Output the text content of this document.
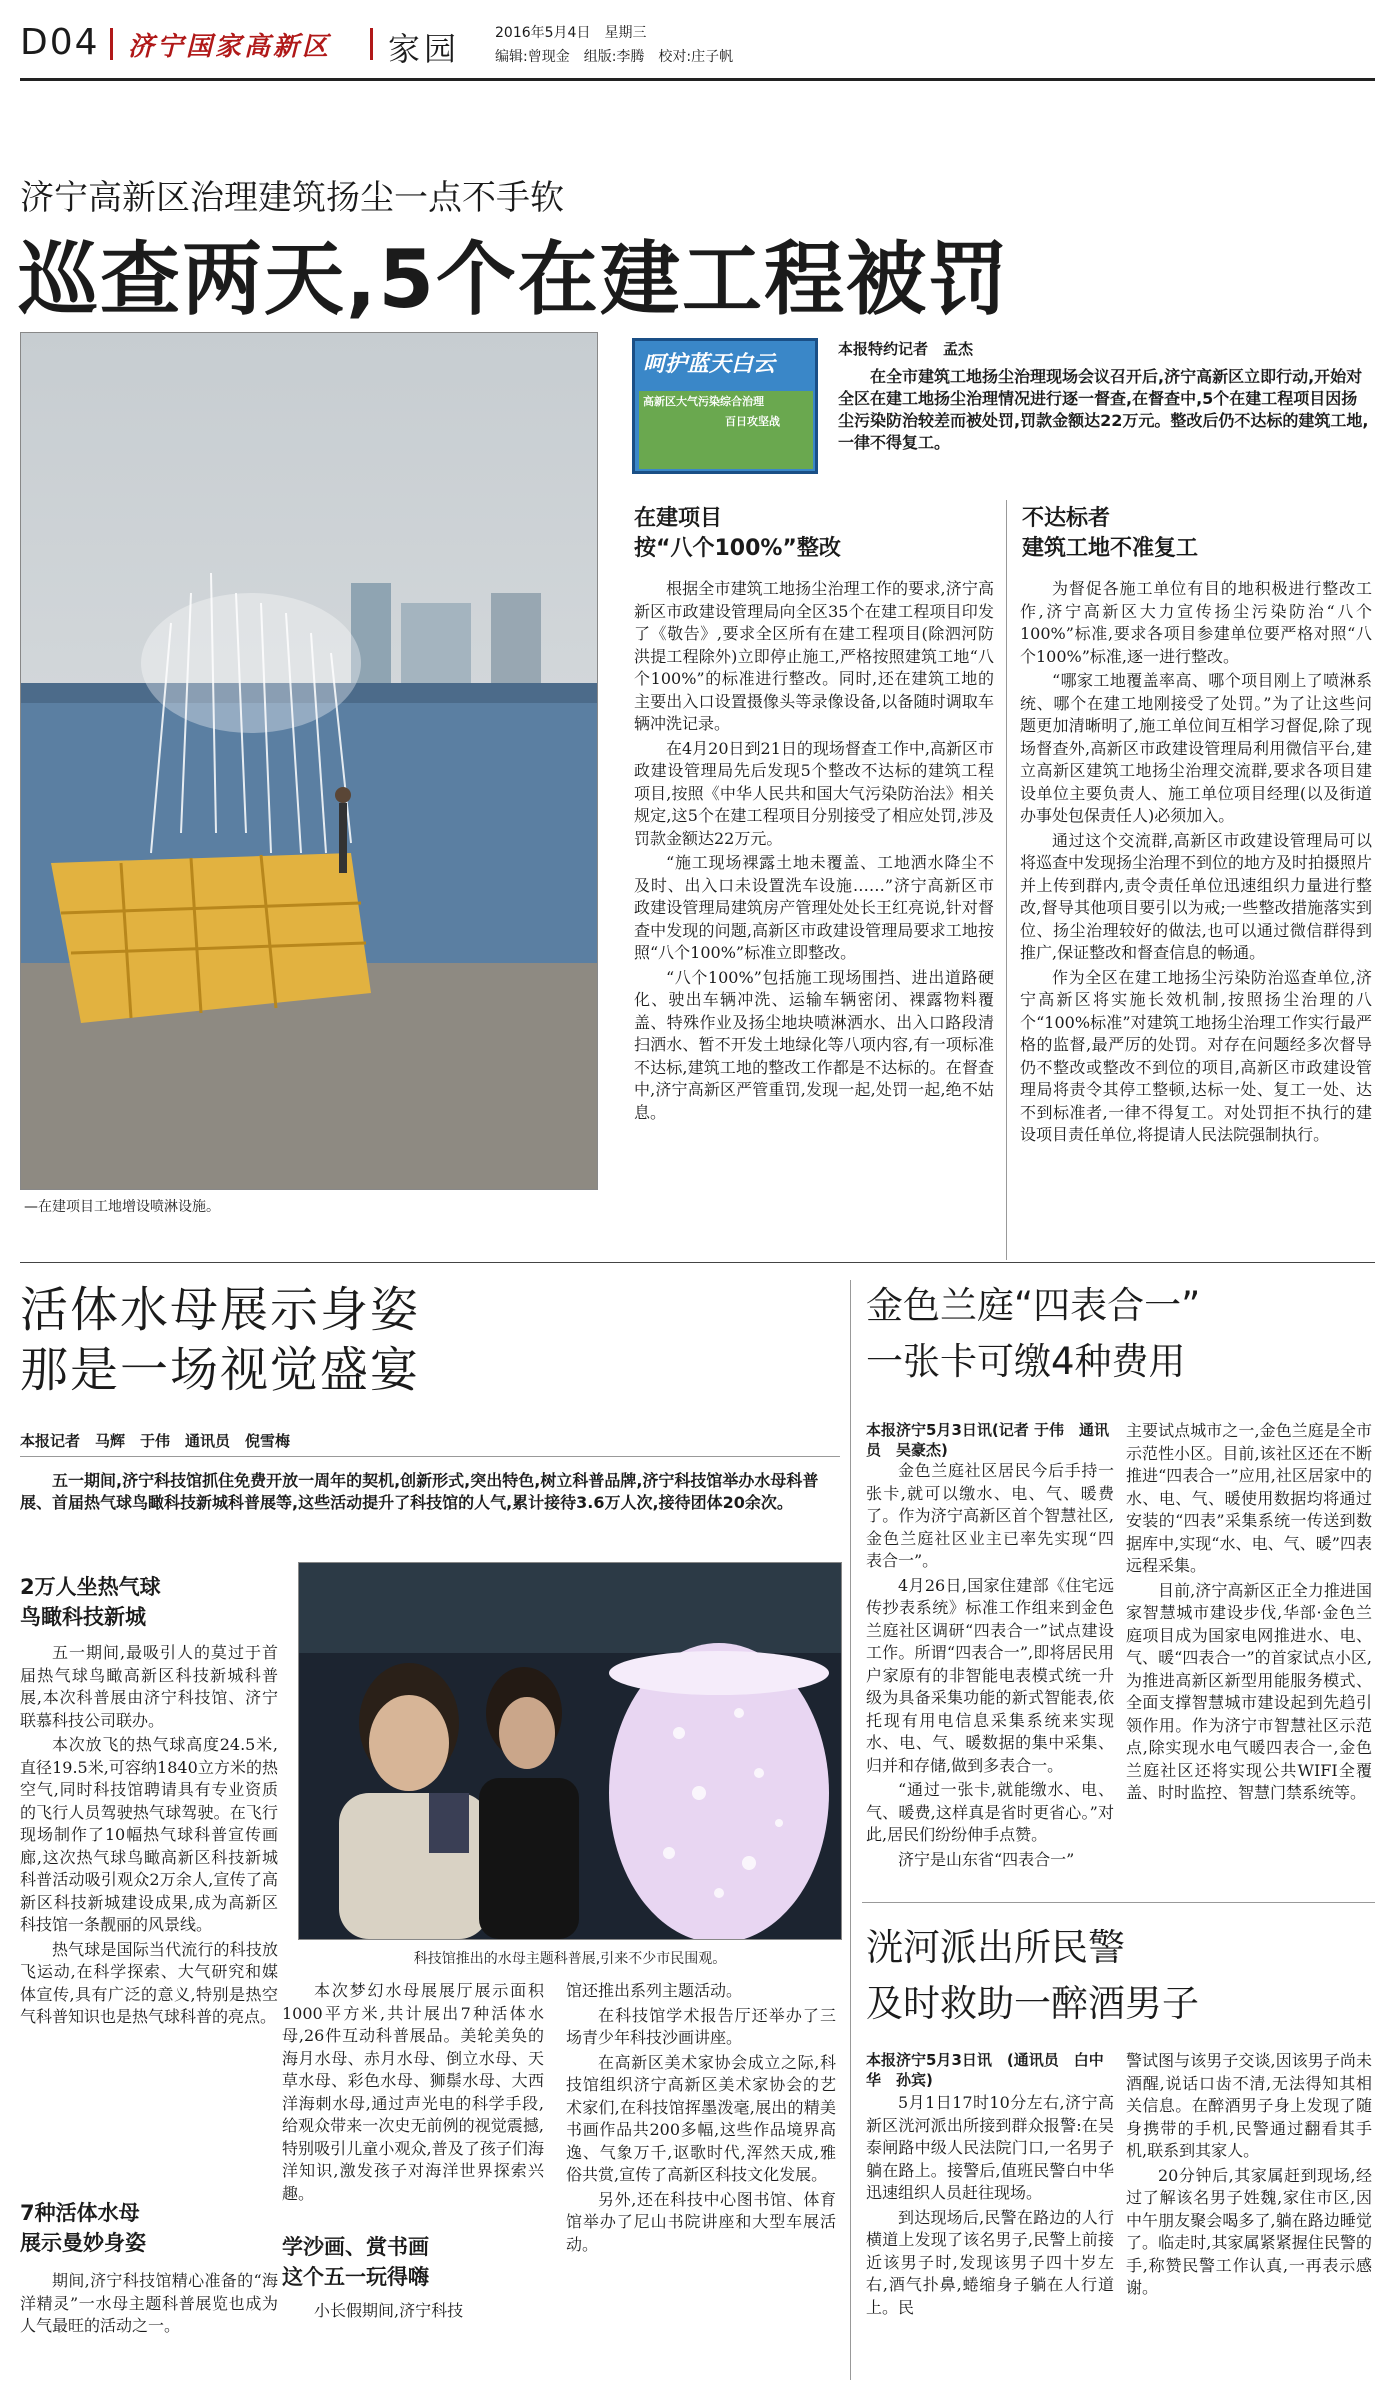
D04 济宁国家高新区 家园 2016年5月4日　星期三
编辑:曾现金　组版:李腾　校对:庄子帆
济宁高新区治理建筑扬尘一点不手软
巡查两天,5个在建工程被罚
—在建项目工地增设喷淋设施。
呵护蓝天白云
高新区大气污染综合治理
百日攻坚战
本报特约记者　孟杰
在全市建筑工地扬尘治理现场会议召开后,济宁高新区立即行动,开始对全区在建工地扬尘治理情况进行逐一督查,在督查中,5个在建工程项目因扬尘污染防治较差而被处罚,罚款金额达22万元。整改后仍不达标的建筑工地,一律不得复工。
在建项目
按“八个100%”整改
不达标者
建筑工地不准复工

根据全市建筑工地扬尘治理工作的要求,济宁高新区市政建设管理局向全区35个在建工程项目印发了《敬告》,要求全区所有在建工程项目(除泗河防洪提工程除外)立即停止施工,严格按照建筑工地“八个100%”的标准进行整改。同时,还在建筑工地的主要出入口设置摄像头等录像设备,以备随时调取车辆冲洗记录。

在4月20日到21日的现场督查工作中,高新区市政建设管理局先后发现5个整改不达标的建筑工程项目,按照《中华人民共和国大气污染防治法》相关规定,这5个在建工程项目分别接受了相应处罚,涉及罚款金额达22万元。

“施工现场裸露土地未覆盖、工地洒水降尘不及时、出入口未设置洗车设施……”济宁高新区市政建设管理局建筑房产管理处处长王红亮说,针对督查中发现的问题,高新区市政建设管理局要求工地按照“八个100%”标准立即整改。

“八个100%”包括施工现场围挡、进出道路硬化、驶出车辆冲洗、运输车辆密闭、裸露物料覆盖、特殊作业及扬尘地块喷淋洒水、出入口路段清扫洒水、暂不开发土地绿化等八项内容,有一项标准不达标,建筑工地的整改工作都是不达标的。在督查中,济宁高新区严管重罚,发现一起,处罚一起,绝不姑息。

为督促各施工单位有目的地积极进行整改工作,济宁高新区大力宣传扬尘污染防治“八个100%”标准,要求各项目参建单位要严格对照“八个100%”标准,逐一进行整改。

“哪家工地覆盖率高、哪个项目刚上了喷淋系统、哪个在建工地刚接受了处罚。”为了让这些问题更加清晰明了,施工单位间互相学习督促,除了现场督查外,高新区市政建设管理局利用微信平台,建立高新区建筑工地扬尘治理交流群,要求各项目建设单位主要负责人、施工单位项目经理(以及街道办事处包保责任人)必须加入。

通过这个交流群,高新区市政建设管理局可以将巡查中发现扬尘治理不到位的地方及时拍摄照片并上传到群内,责令责任单位迅速组织力量进行整改,督导其他项目要引以为戒;一些整改措施落实到位、扬尘治理较好的做法,也可以通过微信群得到推广,保证整改和督查信息的畅通。

作为全区在建工地扬尘污染防治巡查单位,济宁高新区将实施长效机制,按照扬尘治理的八个“100%标准”对建筑工地扬尘治理工作实行最严格的监督,最严厉的处罚。对存在问题经多次督导仍不整改或整改不到位的项目,高新区市政建设管理局将责令其停工整顿,达标一处、复工一处、达不到标准者,一律不得复工。对处罚拒不执行的建设项目责任单位,将提请人民法院强制执行。

活体水母展示身姿
那是一场视觉盛宴
本报记者　马辉　于伟　通讯员　倪雪梅
五一期间,济宁科技馆抓住免费开放一周年的契机,创新形式,突出特色,树立科普品牌,济宁科技馆举办水母科普展、首届热气球鸟瞰科技新城科普展等,这些活动提升了科技馆的人气,累计接待3.6万人次,接待团体20余次。
2万人坐热气球
鸟瞰科技新城

五一期间,最吸引人的莫过于首届热气球鸟瞰高新区科技新城科普展,本次科普展由济宁科技馆、济宁联慕科技公司联办。

本次放飞的热气球高度24.5米,直径19.5米,可容纳1840立方米的热空气,同时科技馆聘请具有专业资质的飞行人员驾驶热气球驾驶。在飞行现场制作了10幅热气球科普宣传画廊,这次热气球鸟瞰高新区科技新城科普活动吸引观众2万余人,宣传了高新区科技新城建设成果,成为高新区科技馆一条靓丽的风景线。

热气球是国际当代流行的科技放飞运动,在科学探索、大气研究和媒体宣传,具有广泛的意义,特别是热空气科普知识也是热气球科普的亮点。

7种活体水母
展示曼妙身姿

期间,济宁科技馆精心准备的“海洋精灵”一水母主题科普展览也成为人气最旺的活动之一。

科技馆推出的水母主题科普展,引来不少市民围观。

本次梦幻水母展展厅展示面积1000平方米,共计展出7种活体水母,26件互动科普展品。美轮美奂的海月水母、赤月水母、倒立水母、天草水母、彩色水母、狮鬃水母、大西洋海刺水母,通过声光电的科学手段,给观众带来一次史无前例的视觉震撼,特别吸引儿童小观众,普及了孩子们海洋知识,激发孩子对海洋世界探索兴趣。

学沙画、赏书画
这个五一玩得嗨

小长假期间,济宁科技

馆还推出系列主题活动。

在科技馆学术报告厅还举办了三场青少年科技沙画讲座。

在高新区美术家协会成立之际,科技馆组织济宁高新区美术家协会的艺术家们,在科技馆挥墨泼毫,展出的精美书画作品共200多幅,这些作品境界高逸、气象万千,讴歌时代,浑然天成,雅俗共赏,宣传了高新区科技文化发展。

另外,还在科技中心图书馆、体育馆举办了尼山书院讲座和大型车展活动。

金色兰庭“四表合一”
一张卡可缴4种费用
本报济宁5月3日讯(记者 于伟　通讯员　吴豪杰)

金色兰庭社区居民今后手持一张卡,就可以缴水、电、气、暖费了。作为济宁高新区首个智慧社区,金色兰庭社区业主已率先实现“四表合一”。

4月26日,国家住建部《住宅远传抄表系统》标准工作组来到金色兰庭社区调研“四表合一”试点建设工作。所谓“四表合一”,即将居民用户家原有的非智能电表模式统一升级为具备采集功能的新式智能表,依托现有用电信息采集系统来实现水、电、气、暖数据的集中采集、归并和存储,做到多表合一。

“通过一张卡,就能缴水、电、气、暖费,这样真是省时更省心。”对此,居民们纷纷伸手点赞。

济宁是山东省“四表合一”

主要试点城市之一,金色兰庭是全市示范性小区。目前,该社区还在不断推进“四表合一”应用,社区居家中的水、电、气、暖使用数据均将通过安装的“四表”采集系统一传送到数据库中,实现“水、电、气、暖”四表远程采集。

目前,济宁高新区正全力推进国家智慧城市建设步伐,华部·金色兰庭项目成为国家电网推进水、电、气、暖“四表合一”的首家试点小区,为推进高新区新型用能服务模式、全面支撑智慧城市建设起到先趋引领作用。作为济宁市智慧社区示范点,除实现水电气暖四表合一,金色兰庭社区还将实现公共WIFI全覆盖、时时监控、智慧门禁系统等。

洸河派出所民警
及时救助一醉酒男子
本报济宁5月3日讯　(通讯员　白中华　孙宾)

5月1日17时10分左右,济宁高新区洸河派出所接到群众报警:在吴泰闸路中级人民法院门口,一名男子躺在路上。接警后,值班民警白中华迅速组织人员赶往现场。

到达现场后,民警在路边的人行横道上发现了该名男子,民警上前接近该男子时,发现该男子四十岁左右,酒气扑鼻,蜷缩身子躺在人行道上。民

警试图与该男子交谈,因该男子尚未酒醒,说话口齿不清,无法得知其相关信息。在醉酒男子身上发现了随身携带的手机,民警通过翻看其手机,联系到其家人。

20分钟后,其家属赶到现场,经过了解该名男子姓魏,家住市区,因中午朋友聚会喝多了,躺在路边睡觉了。临走时,其家属紧紧握住民警的手,称赞民警工作认真,一再表示感谢。
